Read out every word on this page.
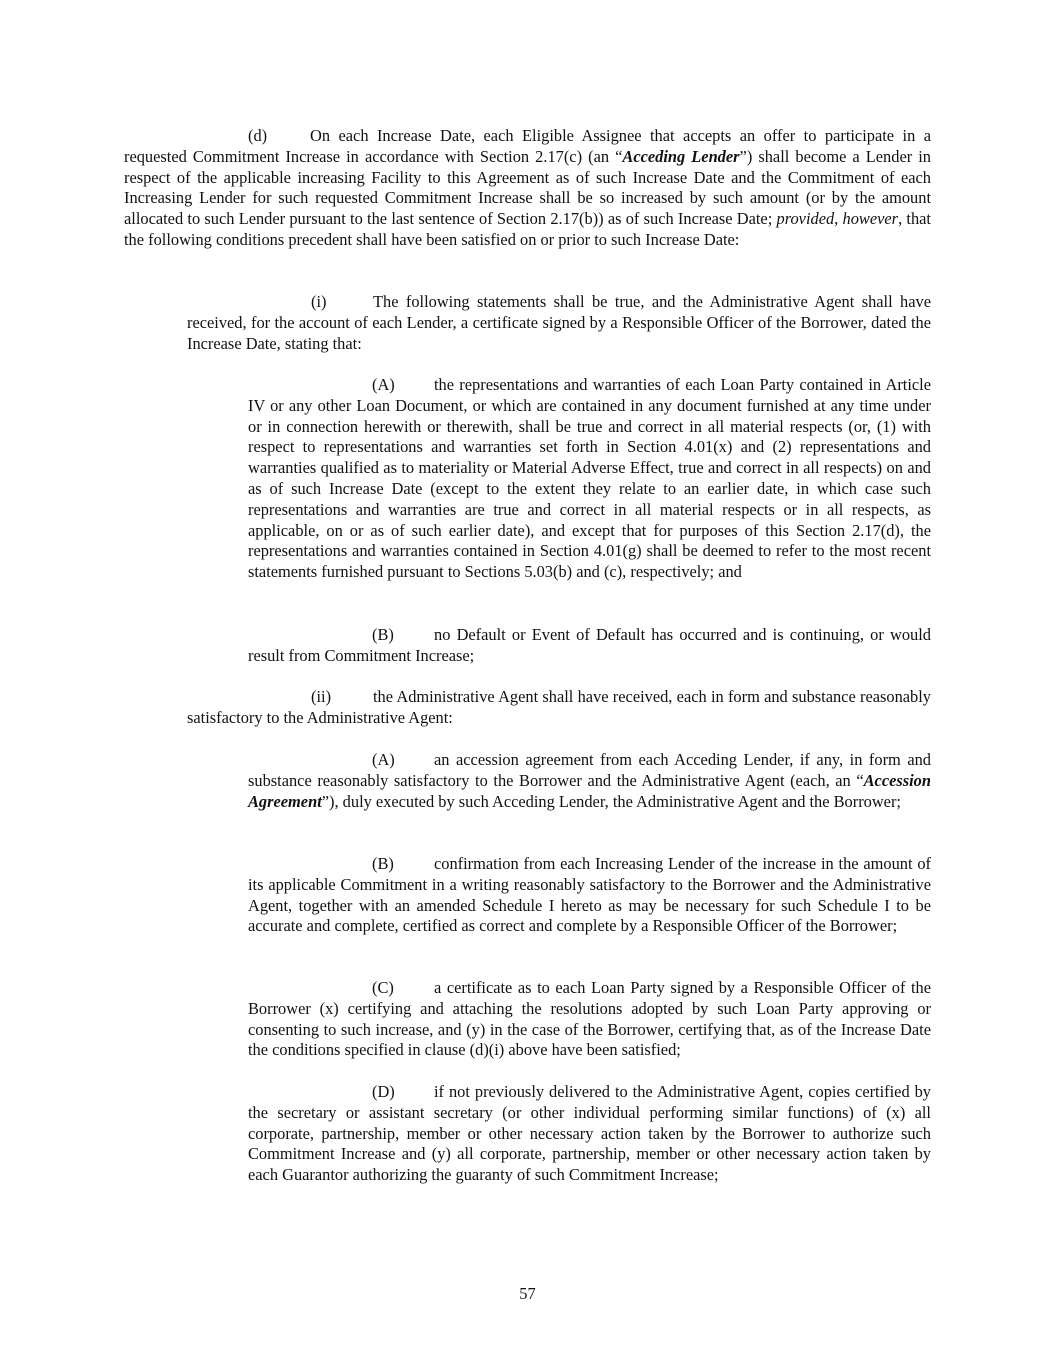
(d)	On each Increase Date, each Eligible Assignee that accepts an offer to participate in a requested Commitment Increase in accordance with Section 2.17(c) (an “Acceding Lender”) shall become a Lender in respect of the applicable increasing Facility to this Agreement as of such Increase Date and the Commitment of each Increasing Lender for such requested Commitment Increase shall be so increased by such amount (or by the amount allocated to such Lender pursuant to the last sentence of Section 2.17(b)) as of such Increase Date; provided, however, that the following conditions precedent shall have been satisfied on or prior to such Increase Date:

(i)	The following statements shall be true, and the Administrative Agent shall have received, for the account of each Lender, a certificate signed by a Responsible Officer of the Borrower, dated the Increase Date, stating that:

(A) the representations and warranties of each Loan Party contained in Article IV or any other Loan Document, or which are contained in any document furnished at any time under or in connection herewith or therewith, shall be true and correct in all material respects (or, (1) with respect to representations and warranties set forth in Section 4.01(x) and (2) representations and warranties qualified as to materiality or Material Adverse Effect, true and correct in all respects) on and as of such Increase Date (except to the extent they relate to an earlier date, in which case such representations and warranties are true and correct in all material respects or in all respects, as applicable, on or as of such earlier date), and except that for purposes of this Section 2.17(d), the representations and warranties contained in Section 4.01(g) shall be deemed to refer to the most recent statements furnished pursuant to Sections 5.03(b) and (c), respectively; and

(B) no Default or Event of Default has occurred and is continuing, or would result from Commitment Increase;

(ii)	the Administrative Agent shall have received, each in form and substance reasonably satisfactory to the Administrative Agent:

(A) an accession agreement from each Acceding Lender, if any, in form and substance reasonably satisfactory to the Borrower and the Administrative Agent (each, an “Accession Agreement”), duly executed by such Acceding Lender, the Administrative Agent and the Borrower;

(B) confirmation from each Increasing Lender of the increase in the amount of its applicable Commitment in a writing reasonably satisfactory to the Borrower and the Administrative Agent, together with an amended Schedule I hereto as may be necessary for such Schedule I to be accurate and complete, certified as correct and complete by a Responsible Officer of the Borrower;

(C) a certificate as to each Loan Party signed by a Responsible Officer of the Borrower (x) certifying and attaching the resolutions adopted by such Loan Party approving or consenting to such increase, and (y) in the case of the Borrower, certifying that, as of the Increase Date the conditions specified in clause (d)(i) above have been satisfied;

(D) if not previously delivered to the Administrative Agent, copies certified by the secretary or assistant secretary (or other individual performing similar functions) of (x) all corporate, partnership, member or other necessary action taken by the Borrower to authorize such Commitment Increase and (y) all corporate, partnership, member or other necessary action taken by each Guarantor authorizing the guaranty of such Commitment Increase;

57
